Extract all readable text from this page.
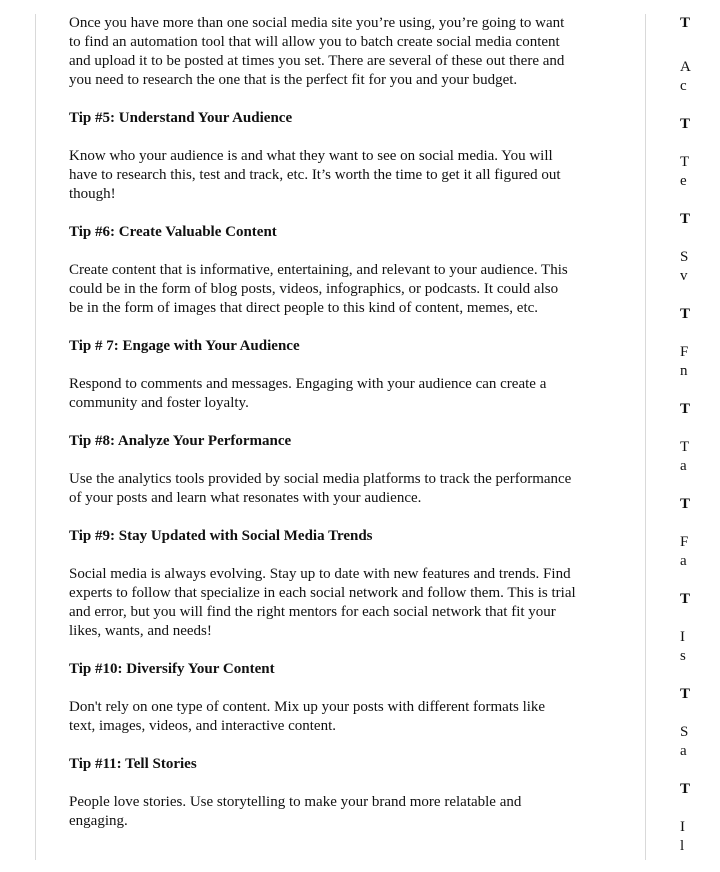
Once you have more than one social media site you’re using, you’re going to want
to find an automation tool that will allow you to batch create social media content
and upload it to be posted at times you set. There are several of these out there and
you need to research the one that is the perfect fit for you and your budget.

Tip #5: Understand Your Audience

Know who your audience is and what they want to see on social media. You will
have to research this, test and track, etc. It’s worth the time to get it all figured out
though!

Tip #6: Create Valuable Content

Create content that is informative, entertaining, and relevant to your audience. This
could be in the form of blog posts, videos, infographics, or podcasts. It could also
be in the form of images that direct people to this kind of content, memes, etc.

Tip # 7: Engage with Your Audience

Respond to comments and messages. Engaging with your audience can create a
community and foster loyalty.

Tip #8: Analyze Your Performance

Use the analytics tools provided by social media platforms to track the performance
of your posts and learn what resonates with your audience.

Tip #9: Stay Updated with Social Media Trends

Social media is always evolving. Stay up to date with new features and trends. Find
experts to follow that specialize in each social network and follow them. This is trial
and error, but you will find the right mentors for each social network that fit your
likes, wants, and needs!

Tip #10: Diversify Your Content

Don't rely on one type of content. Mix up your posts with different formats like
text, images, videos, and interactive content.

Tip #11: Tell Stories

People love stories. Use storytelling to make your brand more relatable and
engaging.

T
A
c
T
T
e
T
S
v
T
F
n
T
T
a
T
F
a
T
I
s
T
S
a
T
I
l
